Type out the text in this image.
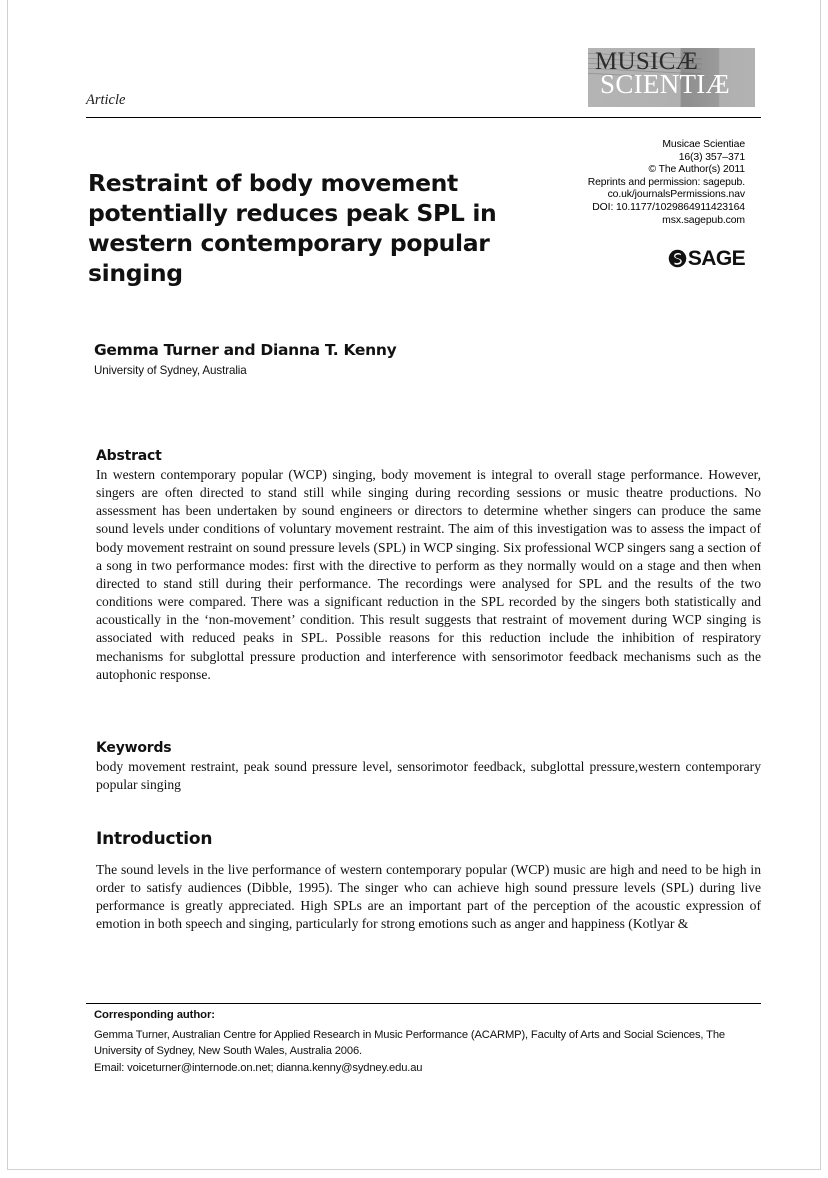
MUSICÆ
SCIENTIÆ
Musicae Scientiae
16(3) 357–371
© The Author(s) 2011
Reprints and permission: sagepub.
co.uk/journalsPermissions.nav
DOI: 10.1177/1029864911423164
msx.sagepub.com
SAGE
Article
Restraint of body movement potentially reduces peak SPL in western contemporary popular singing
Gemma Turner and Dianna T. Kenny
University of Sydney, Australia
Abstract
In western contemporary popular (WCP) singing, body movement is integral to overall stage performance. However, singers are often directed to stand still while singing during recording sessions or music theatre productions. No assessment has been undertaken by sound engineers or directors to determine whether singers can produce the same sound levels under conditions of voluntary movement restraint. The aim of this investigation was to assess the impact of body movement restraint on sound pressure levels (SPL) in WCP singing. Six professional WCP singers sang a section of a song in two performance modes: first with the directive to perform as they normally would on a stage and then when directed to stand still during their performance. The recordings were analysed for SPL and the results of the two conditions were compared. There was a significant reduction in the SPL recorded by the singers both statistically and acoustically in the ‘non-movement’ condition. This result suggests that restraint of movement during WCP singing is associated with reduced peaks in SPL. Possible reasons for this reduction include the inhibition of respiratory mechanisms for subglottal pressure production and interference with sensorimotor feedback mechanisms such as the autophonic response.
Keywords
body movement restraint, peak sound pressure level, sensorimotor feedback, subglottal pressure,western contemporary popular singing
Introduction
The sound levels in the live performance of western contemporary popular (WCP) music are high and need to be high in order to satisfy audiences (Dibble, 1995). The singer who can achieve high sound pressure levels (SPL) during live performance is greatly appreciated. High SPLs are an important part of the perception of the acoustic expression of emotion in both speech and singing, particularly for strong emotions such as anger and happiness (Kotlyar &
Corresponding author:
Gemma Turner, Australian Centre for Applied Research in Music Performance (ACARMP), Faculty of Arts and Social Sciences, The University of Sydney, New South Wales, Australia 2006.
Email: voiceturner@internode.on.net; dianna.kenny@sydney.edu.au
